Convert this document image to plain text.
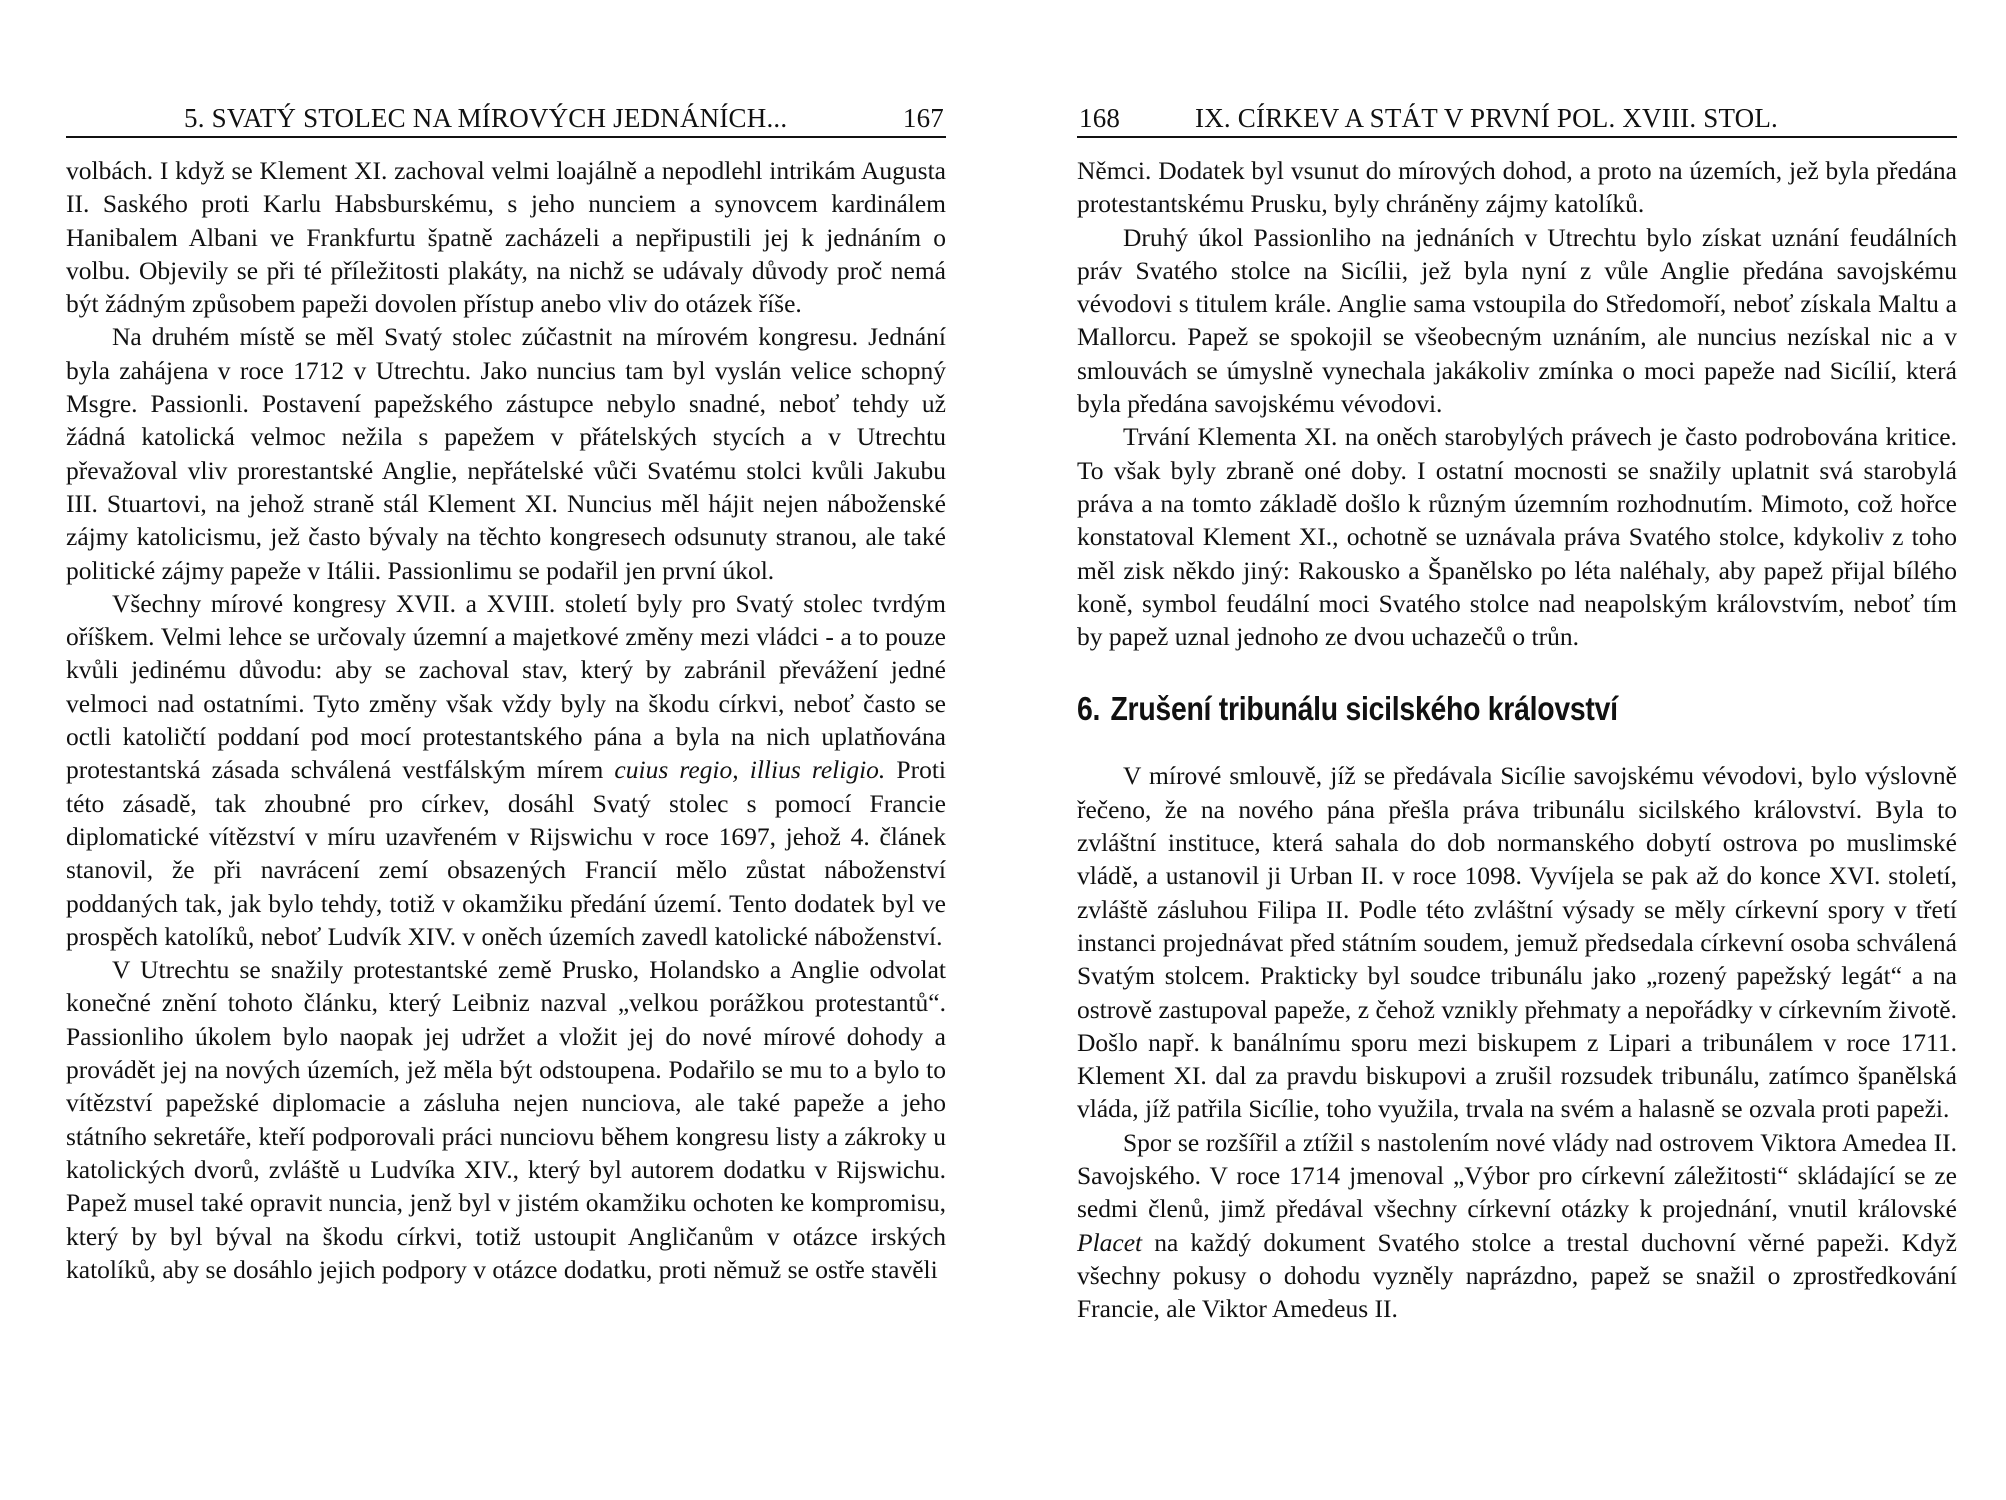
5. SVATÝ STOLEC NA MÍROVÝCH JEDNÁNÍCH...	167

volbách. I když se Klement XI. zachoval velmi loajálně a nepodlehl intrikám Augusta II. Saského proti Karlu Habsburskému, s jeho nunciem a synovcem kardinálem Hanibalem Albani ve Frankfurtu špatně zacházeli a nepřipustili jej k jednáním o volbu. Objevily se při té příležitosti plakáty, na nichž se udávaly důvody proč nemá být žádným způsobem papeži dovolen přístup anebo vliv do otázek říše.

Na druhém místě se měl Svatý stolec zúčastnit na mírovém kongresu. Jednání byla zahájena v roce 1712 v Utrechtu. Jako nuncius tam byl vyslán velice schopný Msgre. Passionli. Postavení papežského zástupce nebylo snadné, neboť tehdy už žádná katolická velmoc nežila s papežem v přátelských stycích a v Utrechtu převažoval vliv prorestantské Anglie, nepřátelské vůči Svatému stolci kvůli Jakubu III. Stuartovi, na jehož straně stál Klement XI. Nuncius měl hájit nejen náboženské zájmy katolicismu, jež často bývaly na těchto kongresech odsunuty stranou, ale také politické zájmy papeže v Itálii. Passionlimu se podařil jen první úkol.

Všechny mírové kongresy XVII. a XVIII. století byly pro Svatý stolec tvrdým oříškem. Velmi lehce se určovaly územní a majetkové změny mezi vládci - a to pouze kvůli jedinému důvodu: aby se zachoval stav, který by zabránil převážení jedné velmoci nad ostatními. Tyto změny však vždy byly na škodu církvi, neboť často se octli katoličtí poddaní pod mocí protestantského pána a byla na nich uplatňována protestantská zásada schválená vestfálským mírem cuius regio, illius religio. Proti této zásadě, tak zhoubné pro církev, dosáhl Svatý stolec s pomocí Francie diplomatické vítězství v míru uzavřeném v Rijswichu v roce 1697, jehož 4. článek stanovil, že při navrácení zemí obsazených Francií mělo zůstat náboženství poddaných tak, jak bylo tehdy, totiž v okamžiku předání území. Tento dodatek byl ve prospěch katolíků, neboť Ludvík XIV. v oněch územích zavedl katolické náboženství.

V Utrechtu se snažily protestantské země Prusko, Holandsko a Anglie odvolat konečné znění tohoto článku, který Leibniz nazval „velkou porážkou protestantů“. Passionliho úkolem bylo naopak jej udržet a vložit jej do nové mírové dohody a provádět jej na nových územích, jež měla být odstoupena. Podařilo se mu to a bylo to vítězství papežské diplomacie a zásluha nejen nunciova, ale také papeže a jeho státního sekretáře, kteří podporovali práci nunciovu během kongresu listy a zákroky u katolických dvorů, zvláště u Ludvíka XIV., který byl autorem dodatku v Rijswichu. Papež musel také opravit nuncia, jenž byl v jistém okamžiku ochoten ke kompromisu, který by byl býval na škodu církvi, totiž ustoupit Angličanům v otázce irských katolíků, aby se dosáhlo jejich podpory v otázce dodatku, proti němuž se ostře stavěli

168	IX. CÍRKEV A STÁT V PRVNÍ POL. XVIII. STOL.

Němci. Dodatek byl vsunut do mírových dohod, a proto na územích, jež byla předána protestantskému Prusku, byly chráněny zájmy katolíků.

Druhý úkol Passionliho na jednáních v Utrechtu bylo získat uznání feudálních práv Svatého stolce na Sicílii, jež byla nyní z vůle Anglie předána savojskému vévodovi s titulem krále. Anglie sama vstoupila do Středomoří, neboť získala Maltu a Mallorcu. Papež se spokojil se všeobecným uznáním, ale nuncius nezískal nic a v smlouvách se úmyslně vynechala jakákoliv zmínka o moci papeže nad Sicílií, která byla předána savojskému vévodovi.

Trvání Klementa XI. na oněch starobylých právech je často podrobována kritice. To však byly zbraně oné doby. I ostatní mocnosti se snažily uplatnit svá starobylá práva a na tomto základě došlo k různým územním rozhodnutím. Mimoto, což hořce konstatoval Klement XI., ochotně se uznávala práva Svatého stolce, kdykoliv z toho měl zisk někdo jiný: Rakousko a Španělsko po léta naléhaly, aby papež přijal bílého koně, symbol feudální moci Svatého stolce nad neapolským královstvím, neboť tím by papež uznal jednoho ze dvou uchazečů o trůn.

6. Zrušení tribunálu sicilského království

V mírové smlouvě, jíž se předávala Sicílie savojskému vévodovi, bylo výslovně řečeno, že na nového pána přešla práva tribunálu sicilského království. Byla to zvláštní instituce, která sahala do dob normanského dobytí ostrova po muslimské vládě, a ustanovil ji Urban II. v roce 1098. Vyvíjela se pak až do konce XVI. století, zvláště zásluhou Filipa II. Podle této zvláštní výsady se měly církevní spory v třetí instanci projednávat před státním soudem, jemuž předsedala církevní osoba schválená Svatým stolcem. Prakticky byl soudce tribunálu jako „rozený papežský legát“ a na ostrově zastupoval papeže, z čehož vznikly přehmaty a nepořádky v církevním životě. Došlo např. k banálnímu sporu mezi biskupem z Lipari a tribunálem v roce 1711. Klement XI. dal za pravdu biskupovi a zrušil rozsudek tribunálu, zatímco španělská vláda, jíž patřila Sicílie, toho využila, trvala na svém a halasně se ozvala proti papeži.

Spor se rozšířil a ztížil s nastolením nové vlády nad ostrovem Viktora Amedea II. Savojského. V roce 1714 jmenoval „Výbor pro církevní záležitosti“ skládající se ze sedmi členů, jimž předával všechny církevní otázky k projednání, vnutil královské Placet na každý dokument Svatého stolce a trestal duchovní věrné papeži. Když všechny pokusy o dohodu vyzněly naprázdno, papež se snažil o zprostředkování Francie, ale Viktor Amedeus II.
